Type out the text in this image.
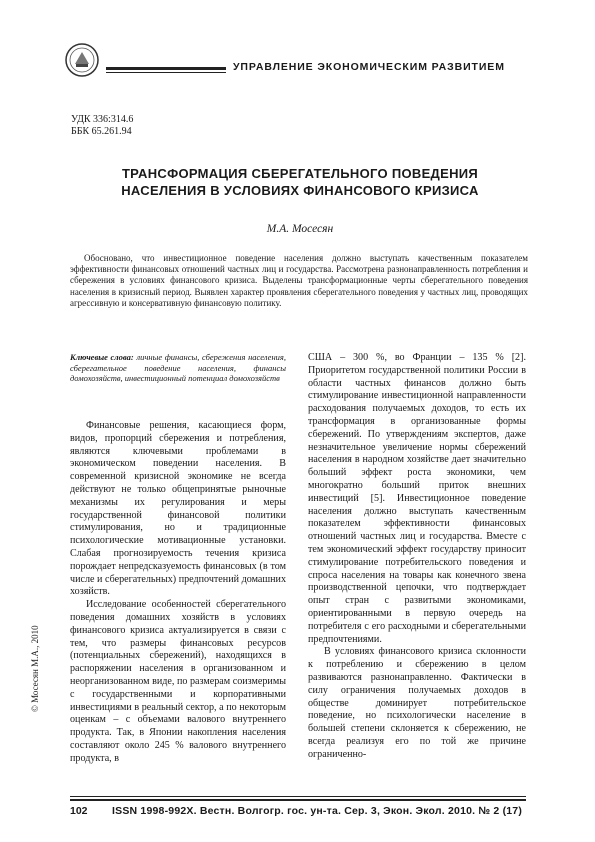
УПРАВЛЕНИЕ ЭКОНОМИЧЕСКИМ РАЗВИТИЕМ
УДК 336:314.6
ББК 65.261.94
ТРАНСФОРМАЦИЯ СБЕРЕГАТЕЛЬНОГО ПОВЕДЕНИЯ
НАСЕЛЕНИЯ В УСЛОВИЯХ ФИНАНСОВОГО КРИЗИСА
М.А. Мосесян
Обосновано, что инвестиционное поведение населения должно выступать качественным показателем эффективности финансовых отношений частных лиц и государства. Рассмотрена разнонаправленность потребления и сбережения в условиях финансового кризиса. Выделены трансформационные черты сберегательного поведения населения в кризисный период. Выявлен характер проявления сберегательного поведения у частных лиц, проводящих агрессивную и консервативную финансовую политику.
Ключевые слова: личные финансы, сбережения населения, сберегательное поведение населения, финансы домохозяйств, инвестиционный потенциал домохозяйств

Финансовые решения, касающиеся форм, видов, пропорций сбережения и потребления, являются ключевыми проблемами в экономическом поведении населения. В современной кризисной экономике не всегда действуют не только общепринятые рыночные механизмы их регулирования и меры государственной финансовой политики стимулирования, но и традиционные психологические мотивационные установки. Слабая прогнозируемость течения кризиса порождает непредсказуемость финансовых (в том числе и сберегательных) предпочтений домашних хозяйств.

Исследование особенностей сберегательного поведения домашних хозяйств в условиях финансового кризиса актуализируется в связи с тем, что размеры финансовых ресурсов (потенциальных сбережений), находящихся в распоряжении населения в организованном и неорганизованном виде, по размерам соизмеримы с государственными и корпоративными инвестициями в реальный сектор, а по некоторым оценкам – с объемами валового внутреннего продукта. Так, в Японии накопления населения составляют около 245 % валового внутреннего продукта, в

США – 300 %, во Франции – 135 % [2]. Приоритетом государственной политики России в области частных финансов должно быть стимулирование инвестиционной направленности расходования получаемых доходов, то есть их трансформация в организованные формы сбережений. По утверждениям экспертов, даже незначительное увеличение нормы сбережений населения в народном хозяйстве дает значительно больший эффект роста экономики, чем многократно больший приток внешних инвестиций [5]. Инвестиционное поведение населения должно выступать качественным показателем эффективности финансовых отношений частных лиц и государства. Вместе с тем экономический эффект государству приносит стимулирование потребительского поведения и спроса населения на товары как конечного звена производственной цепочки, что подтверждает опыт стран с развитыми экономиками, ориентированными в первую очередь на потребителя с его расходными и сберегательными предпочтениями.

В условиях финансового кризиса склонности к потреблению и сбережению в целом развиваются разнонаправленно. Фактически в силу ограничения получаемых доходов в обществе доминирует потребительское поведение, но психологически население в большей степени склоняется к сбережению, не всегда реализуя его по той же причине ограниченно-

© Мосесян М.А., 2010
102 ISSN 1998-992Х. Вестн. Волгогр. гос. ун-та. Сер. 3, Экон. Экол. 2010. № 2 (17)
